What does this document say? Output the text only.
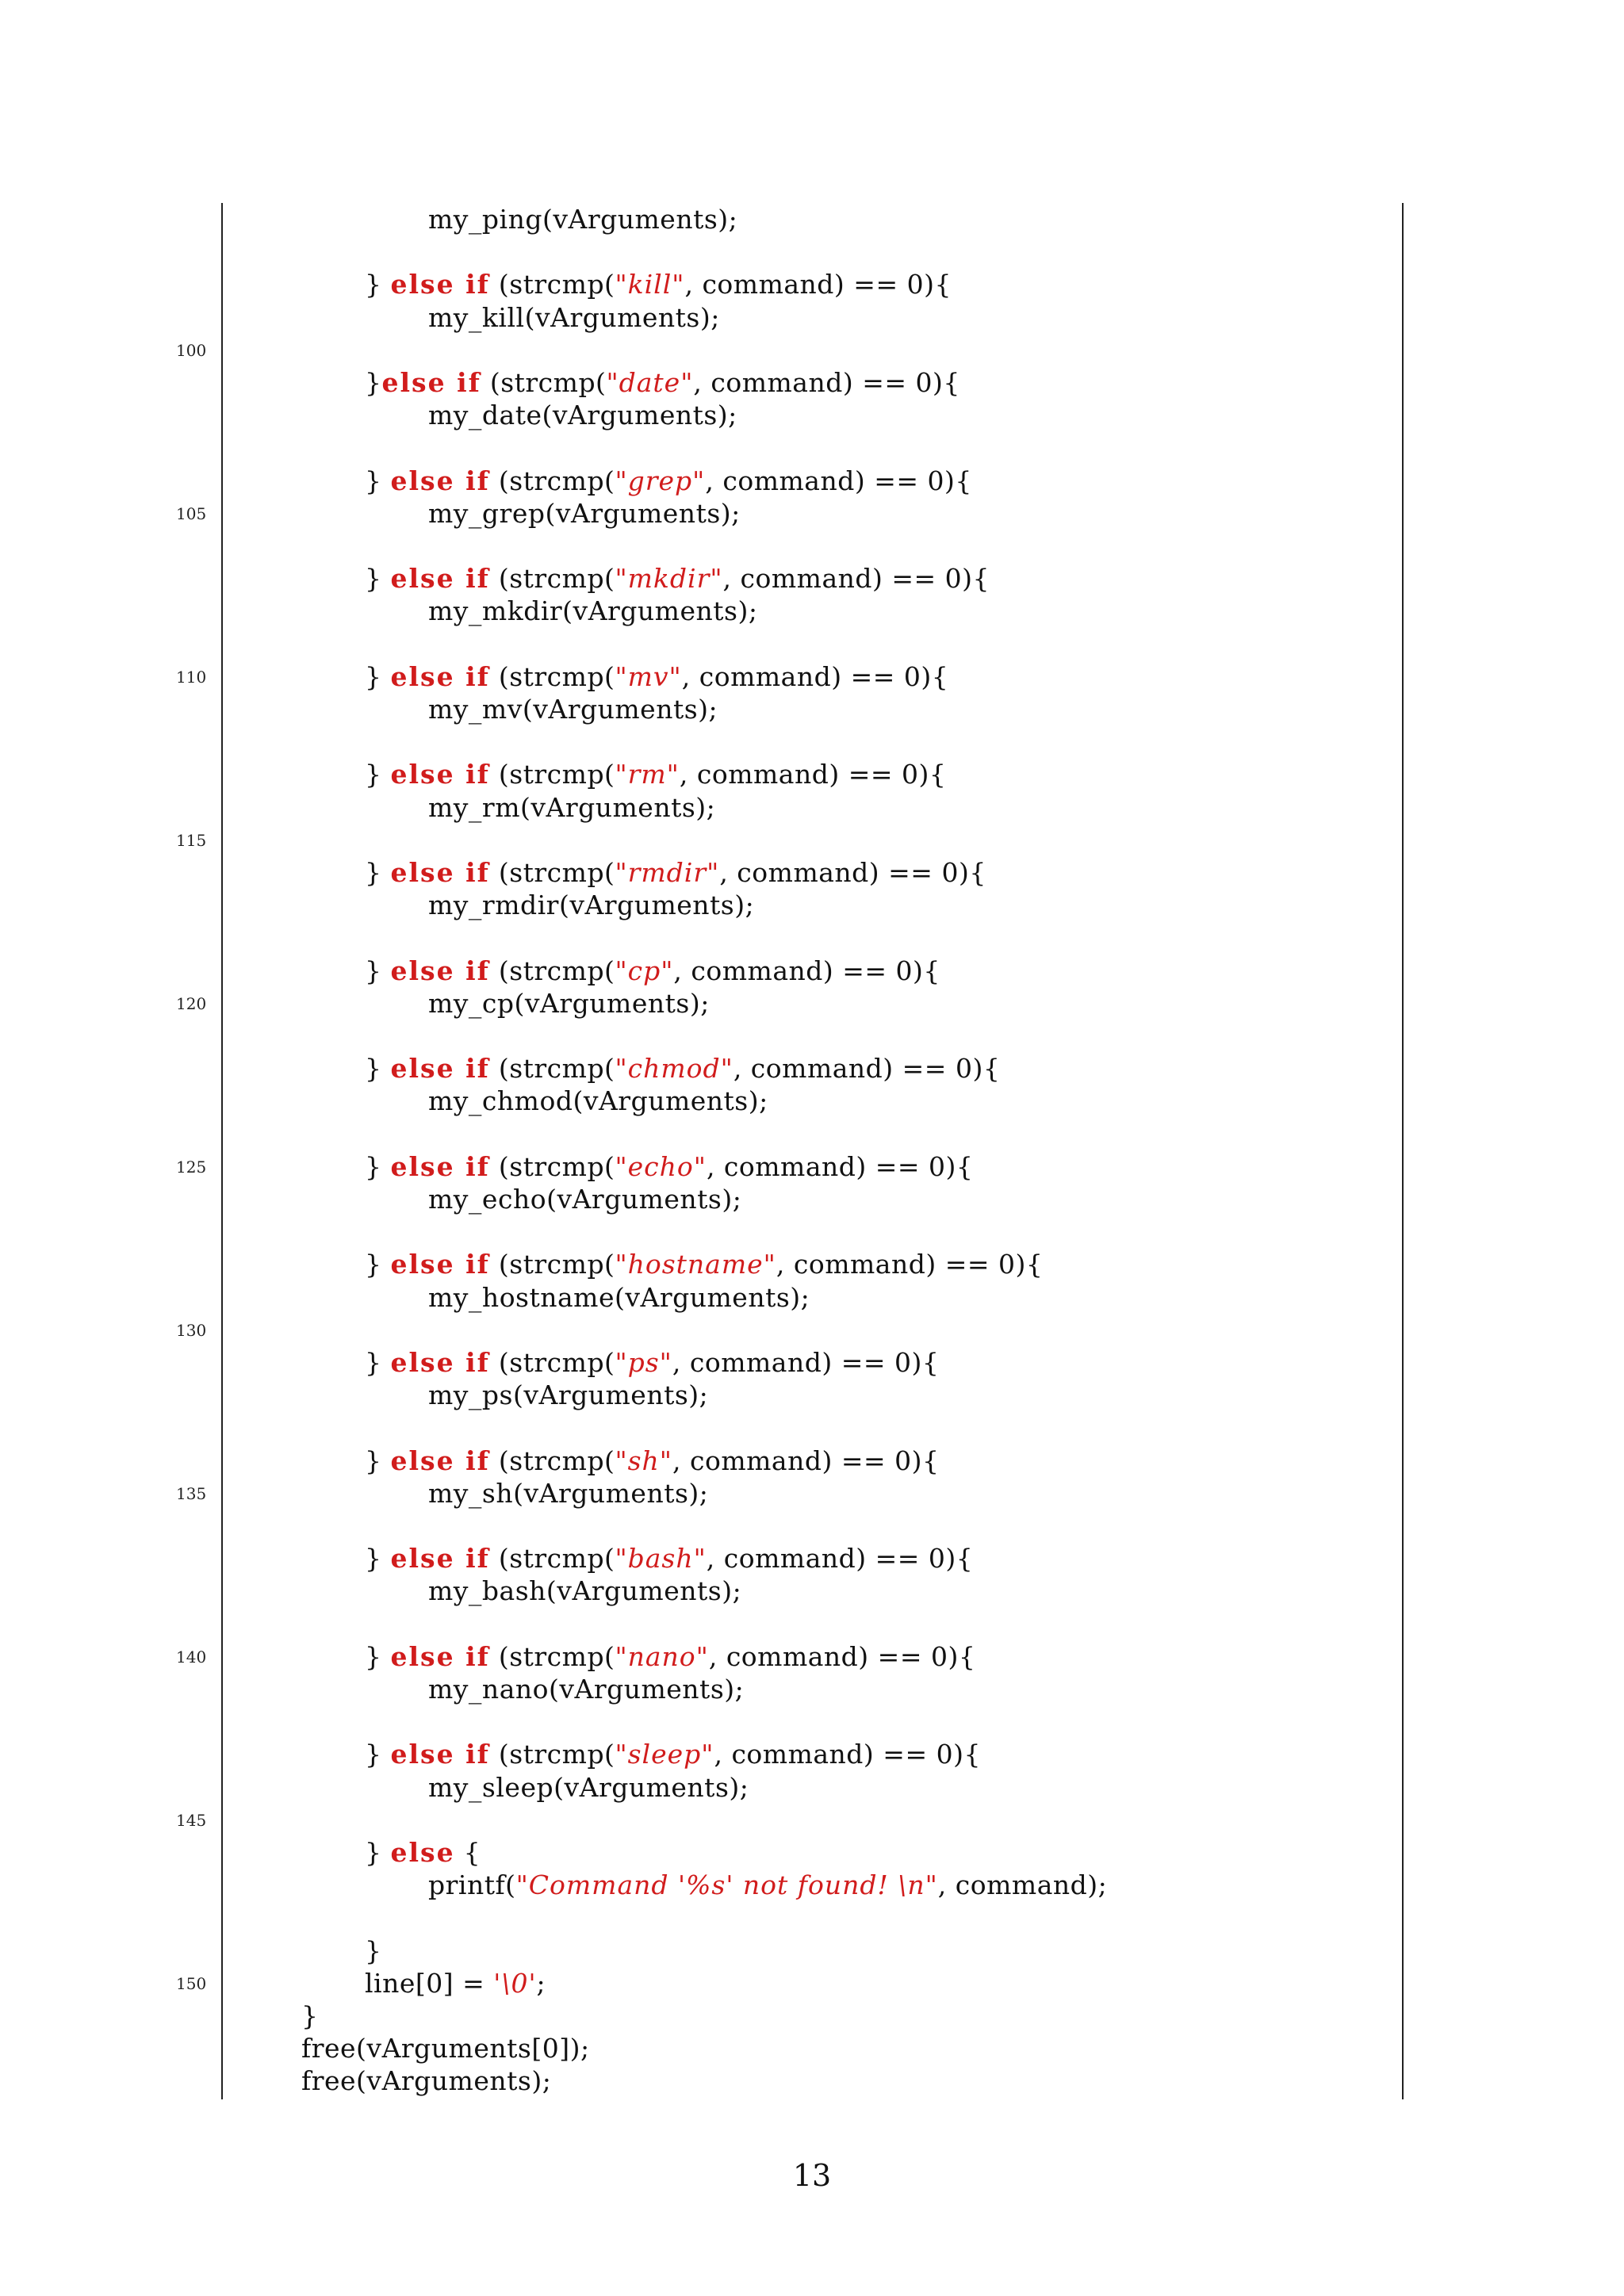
my_ping(vArguments);
} else if (strcmp("kill", command) == 0){
my_kill(vArguments);
}else if (strcmp("date", command) == 0){
my_date(vArguments);
} else if (strcmp("grep", command) == 0){
my_grep(vArguments);
} else if (strcmp("mkdir", command) == 0){
my_mkdir(vArguments);
} else if (strcmp("mv", command) == 0){
my_mv(vArguments);
} else if (strcmp("rm", command) == 0){
my_rm(vArguments);
} else if (strcmp("rmdir", command) == 0){
my_rmdir(vArguments);
} else if (strcmp("cp", command) == 0){
my_cp(vArguments);
} else if (strcmp("chmod", command) == 0){
my_chmod(vArguments);
} else if (strcmp("echo", command) == 0){
my_echo(vArguments);
} else if (strcmp("hostname", command) == 0){
my_hostname(vArguments);
} else if (strcmp("ps", command) == 0){
my_ps(vArguments);
} else if (strcmp("sh", command) == 0){
my_sh(vArguments);
} else if (strcmp("bash", command) == 0){
my_bash(vArguments);
} else if (strcmp("nano", command) == 0){
my_nano(vArguments);
} else if (strcmp("sleep", command) == 0){
my_sleep(vArguments);
} else {
printf("Command '%s' not found! \n", command);
}
line[0] = '\0';
}
free(vArguments[0]);
free(vArguments);
100
105
110
115
120
125
130
135
140
145
150
13
